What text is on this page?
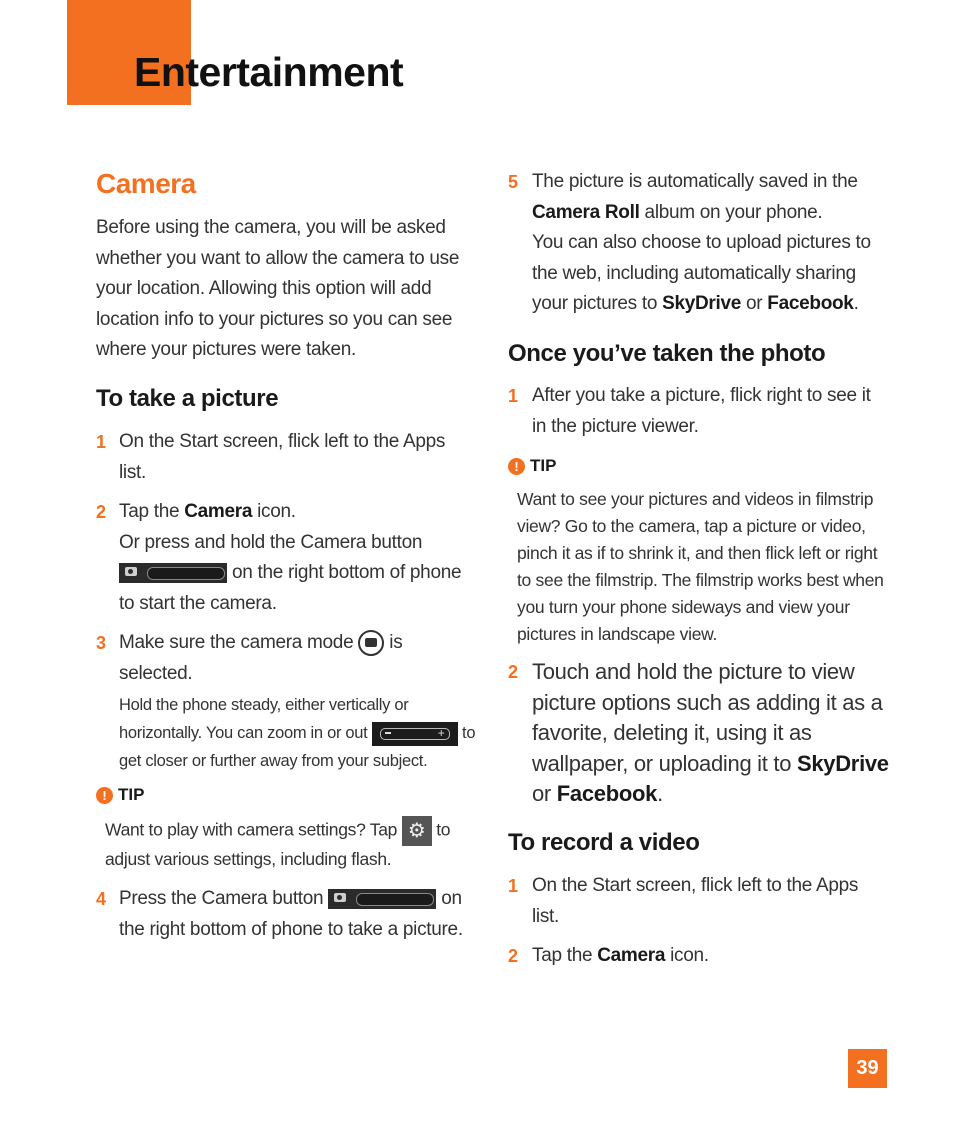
Entertainment
Camera

Before using the camera, you will be asked whether you want to allow the camera to use your location. Allowing this option will add location info to your pictures so you can see where your pictures were taken.

To take a picture
1 On the Start screen, flick left to the Apps list.
2 Tap the Camera icon.
Or press and hold the Camera button

on the right bottom of phone to start the camera.
3 Make sure the camera mode  is selected.
Hold the phone steady, either vertically or horizontally. You can zoom in or out	+ to get closer or further away from your subject.
! TIP
Want to play with camera settings? Tap ⚙ to adjust various settings, including flash.
4 Press the Camera button	on the right bottom of phone to take a picture.
5 The picture is automatically saved in the Camera Roll album on your phone.
You can also choose to upload pictures to the web, including automatically sharing your pictures to SkyDrive or Facebook.
Once you’ve taken the photo
1 After you take a picture, flick right to see it in the picture viewer.
! TIP
Want to see your pictures and videos in filmstrip view? Go to the camera, tap a picture or video, pinch it as if to shrink it, and then flick left or right to see the filmstrip. The filmstrip works best when you turn your phone sideways and view your pictures in landscape view.
2 Touch and hold the picture to view picture options such as adding it as a favorite, deleting it, using it as wallpaper, or uploading it to SkyDrive or Facebook.
To record a video
1 On the Start screen, flick left to the Apps list.
2 Tap the Camera icon.
39
